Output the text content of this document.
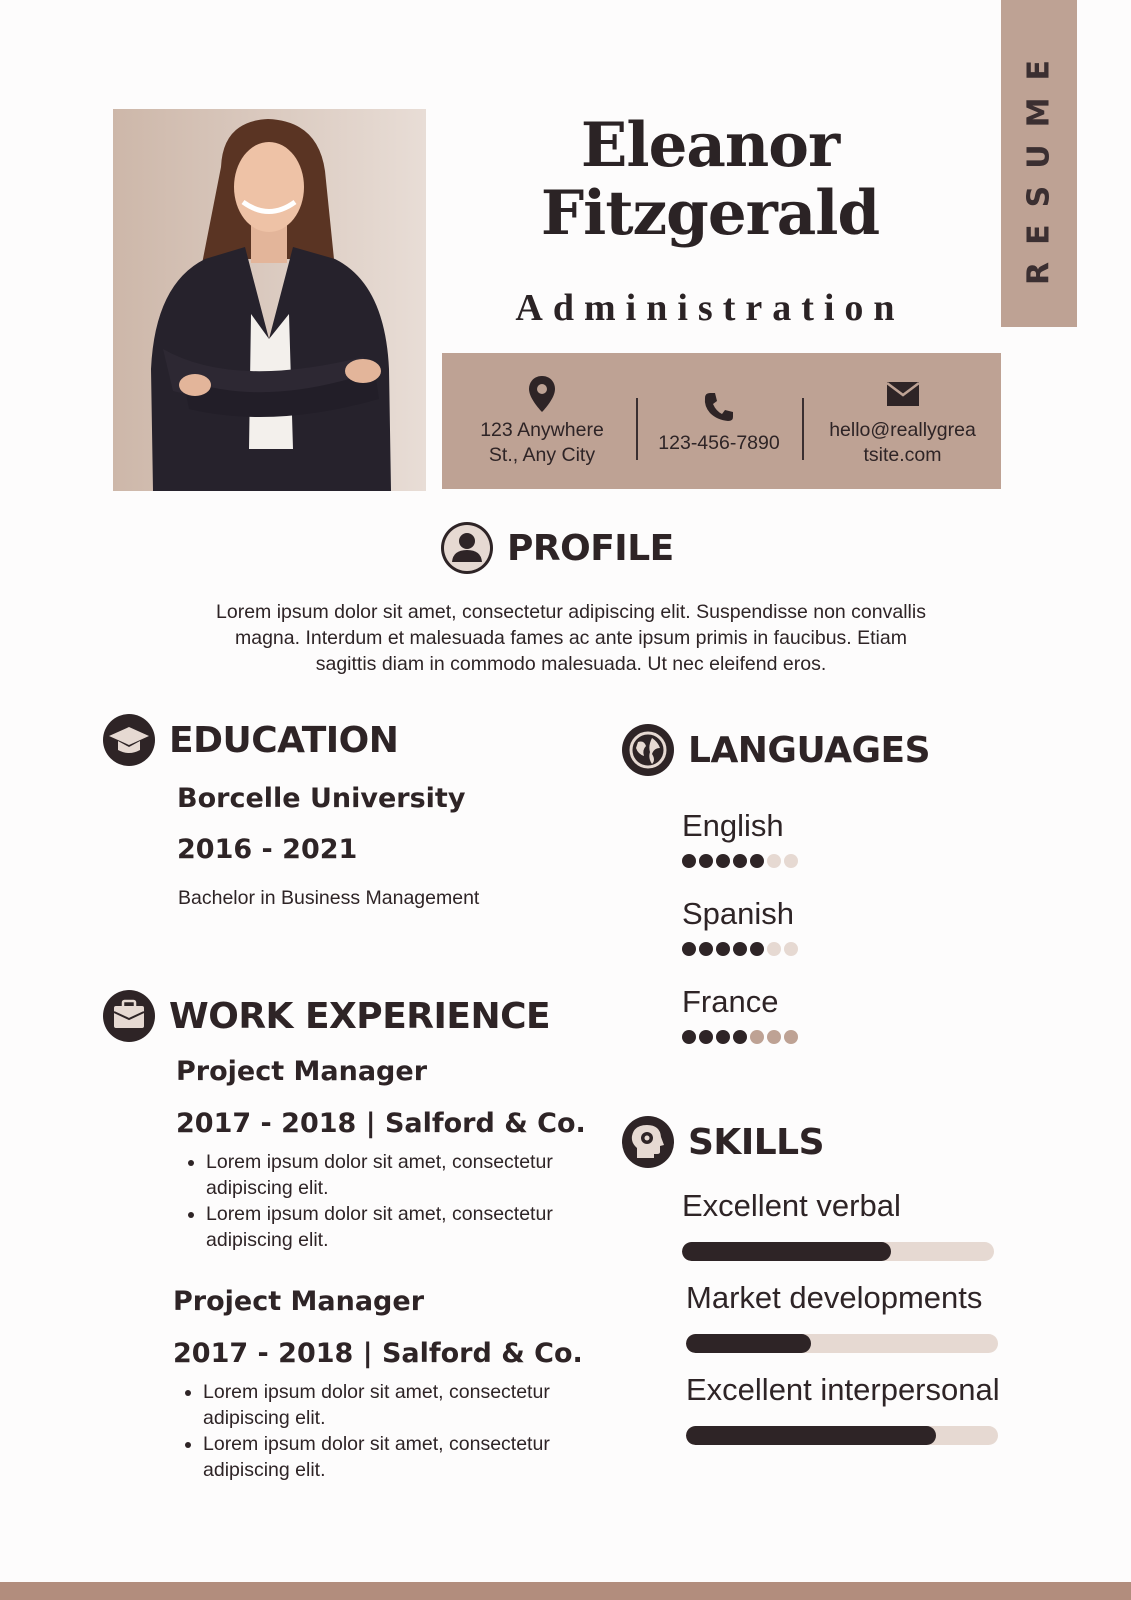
RESUME
Eleanor
Fitzgerald
Administration
123 Anywhere
St., Any City
123-456-7890
hello@reallygrea
tsite.com
PROFILE
Lorem ipsum dolor sit amet, consectetur adipiscing elit. Suspendisse non convallis
magna. Interdum et malesuada fames ac ante ipsum primis in faucibus. Etiam
sagittis diam in commodo malesuada. Ut nec eleifend eros.
EDUCATION
Borcelle University
2016 - 2021
Bachelor in Business Management
WORK EXPERIENCE
Project Manager
2017 - 2018 | Salford & Co.
• Lorem ipsum dolor sit amet, consectetur adipiscing elit.
• Lorem ipsum dolor sit amet, consectetur adipiscing elit.
Project Manager
2017 - 2018 | Salford & Co.
• Lorem ipsum dolor sit amet, consectetur adipiscing elit.
• Lorem ipsum dolor sit amet, consectetur adipiscing elit.
LANGUAGES
English
Spanish
France
SKILLS
Excellent verbal
Market developments
Excellent interpersonal
